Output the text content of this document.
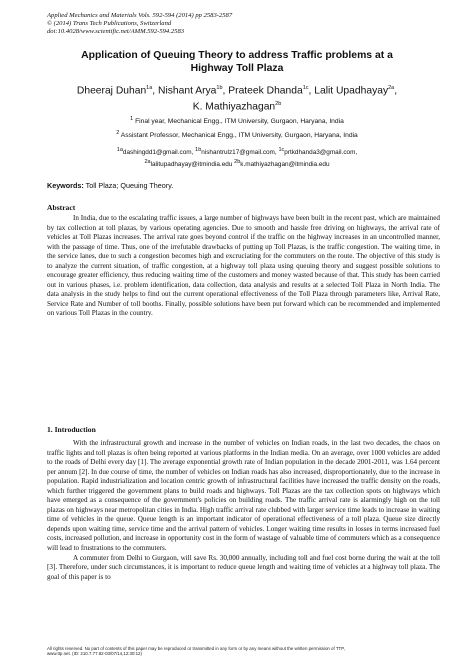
Applied Mechanics and Materials Vols. 592-594 (2014) pp 2583-2587
© (2014) Trans Tech Publications, Switzerland
doi:10.4028/www.scientific.net/AMM.592-594.2583
Application of Queuing Theory to address Traffic problems at a
Highway Toll Plaza
Dheeraj Duhan$^{1a}$, Nishant Arya$^{1b}$, Prateek Dhanda$^{1c}$, Lalit Upadhayay$^{2a}$,
K. Mathiyazhagan$^{2b}$
$^1$ Final year, Mechanical Engg., ITM University, Gurgaon, Haryana, India
$^2$ Assistant Professor, Mechanical Engg., ITM University, Gurgaon, Haryana, India
$^{1a}$dashingdd1@gmail.com, $^{1b}$nishantrulz17@gmail.com, $^{1c}$prtkdhanda3@gmail.com,
$^{2a}$lalitupadhayay@itmindia.edu $^{2b}$k.mathiyazhagan@itmindia.edu
Keywords: Toll Plaza; Queuing Theory.
Abstract

In India, due to the escalating traffic issues, a large number of highways have been built in the recent past, which are maintained by tax collection at toll plazas, by various operating agencies. Due to smooth and hassle free driving on highways, the arrival rate of vehicles at Toll Plazas increases. The arrival rate goes beyond control if the traffic on the highway increases in an uncontrolled manner, with the passage of time. Thus, one of the irrefutable drawbacks of putting up Toll Plazas, is the traffic congestion. The waiting time, in the service lanes, due to such a congestion becomes high and excruciating for the commuters on the route. The objective of this study is to analyze the current situation, of traffic congestion, at a highway toll plaza using queuing theory and suggest possible solutions to encourage greater efficiency, thus reducing waiting time of the customers and money wasted because of that. This study has been carried out in various phases, i.e. problem identification, data collection, data analysis and results at a selected Toll Plaza in North India. The data analysis in the study helps to find out the current operational effectiveness of the Toll Plaza through parameters like, Arrival Rate, Service Rate and Number of toll booths. Finally, possible solutions have been put forward which can be recommended and implemented on various Toll Plazas in the country.

1. Introduction

With the infrastructural growth and increase in the number of vehicles on Indian roads, in the last two decades, the chaos on traffic lights and toll plazas is often being reported at various platforms in the Indian media. On an average, over 1000 vehicles are added to the roads of Delhi every day [1]. The average exponential growth rate of Indian population in the decade 2001-2011, was 1.64 percent per annum [2]. In due course of time, the number of vehicles on Indian roads has also increased, disproportionately, due to the increase in population. Rapid industrialization and location centric growth of infrastructural facilities have increased the traffic density on the roads, which further triggered the government plans to build roads and highways. Toll Plazas are the tax collection spots on highways which have emerged as a consequence of the government's policies on building roads. The traffic arrival rate is alarmingly high on the toll plazas on highways near metropolitan cities in India. High traffic arrival rate clubbed with larger service time leads to increase in waiting time of vehicles in the queue. Queue length is an important indicator of operational effectiveness of a toll plaza. Queue size directly depends upon waiting time, service time and the arrival pattern of vehicles. Longer waiting time results in losses in terms increased fuel costs, increased pollution, and increase in opportunity cost in the form of wastage of valuable time of commuters which as a consequence will lead to frustrations to the commuters.

A commuter from Delhi to Gurgaon, will save Rs. 30,000 annually, including toll and fuel cost borne during the wait at the toll [3]. Therefore, under such circumstances, it is important to reduce queue length and waiting time of vehicles at a highway toll plaza. The goal of this paper is to

All rights reserved. No part of contents of this paper may be reproduced or transmitted in any form or by any means without the written permission of TTP,
www.ttp.net. (ID: 210.7.77.82-03/07/14,12:30:12)
